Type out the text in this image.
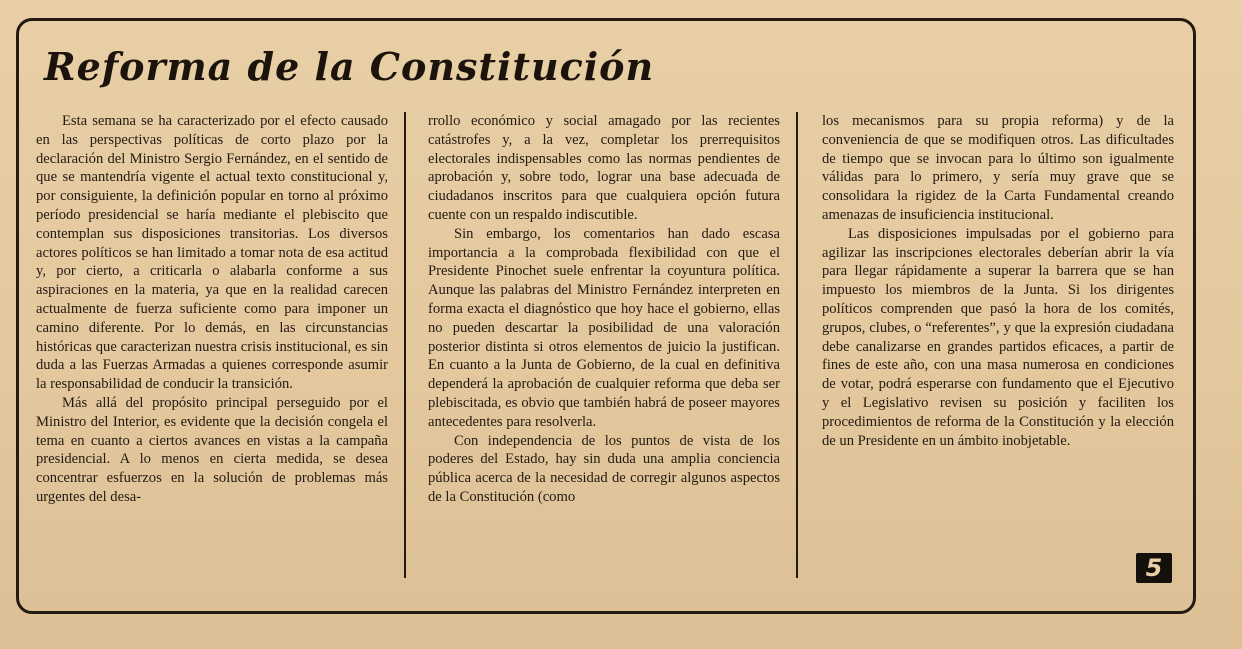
Reforma de la Constitución

Esta semana se ha caracterizado por el efecto causado en las perspectivas políticas de corto plazo por la declaración del Ministro Sergio Fernández, en el sentido de que se mantendría vigente el actual texto constitucional y, por consiguiente, la definición popular en torno al próximo período presidencial se haría mediante el plebiscito que contemplan sus disposiciones transitorias. Los diversos actores políticos se han limitado a tomar nota de esa actitud y, por cierto, a criticarla o alabarla conforme a sus aspiraciones en la materia, ya que en la realidad carecen actualmente de fuerza suficiente como para imponer un camino diferente. Por lo demás, en las circunstancias históricas que caracterizan nuestra crisis institucional, es sin duda a las Fuerzas Armadas a quienes corresponde asumir la responsabilidad de conducir la transición.

Más allá del propósito principal perseguido por el Ministro del Interior, es evidente que la decisión congela el tema en cuanto a ciertos avances en vistas a la campaña presidencial. A lo menos en cierta medida, se desea concentrar esfuerzos en la solución de problemas más urgentes del desa-

rrollo económico y social amagado por las recientes catástrofes y, a la vez, completar los prerrequisitos electorales indispensables como las normas pendientes de aprobación y, sobre todo, lograr una base adecuada de ciudadanos inscritos para que cualquiera opción futura cuente con un respaldo indiscutible.

Sin embargo, los comentarios han dado escasa importancia a la comprobada flexibilidad con que el Presidente Pinochet suele enfrentar la coyuntura política. Aunque las palabras del Ministro Fernández interpreten en forma exacta el diagnóstico que hoy hace el gobierno, ellas no pueden descartar la posibilidad de una valoración posterior distinta si otros elementos de juicio la justifican. En cuanto a la Junta de Gobierno, de la cual en definitiva dependerá la aprobación de cualquier reforma que deba ser plebiscitada, es obvio que también habrá de poseer mayores antecedentes para resolverla.

Con independencia de los puntos de vista de los poderes del Estado, hay sin duda una amplia conciencia pública acerca de la necesidad de corregir algunos aspectos de la Constitución (como

los mecanismos para su propia reforma) y de la conveniencia de que se modifiquen otros. Las dificultades de tiempo que se invocan para lo último son igualmente válidas para lo primero, y sería muy grave que se consolidara la rigidez de la Carta Fundamental creando amenazas de insuficiencia institucional.

Las disposiciones impulsadas por el gobierno para agilizar las inscripciones electorales deberían abrir la vía para llegar rápidamente a superar la barrera que se han impuesto los miembros de la Junta. Si los dirigentes políticos comprenden que pasó la hora de los comités, grupos, clubes, o “referentes”, y que la expresión ciudadana debe canalizarse en grandes partidos eficaces, a partir de fines de este año, con una masa numerosa en condiciones de votar, podrá esperarse con fundamento que el Ejecutivo y el Legislativo revisen su posición y faciliten los procedimientos de reforma de la Constitución y la elección de un Presidente en un ámbito inobjetable.

5
